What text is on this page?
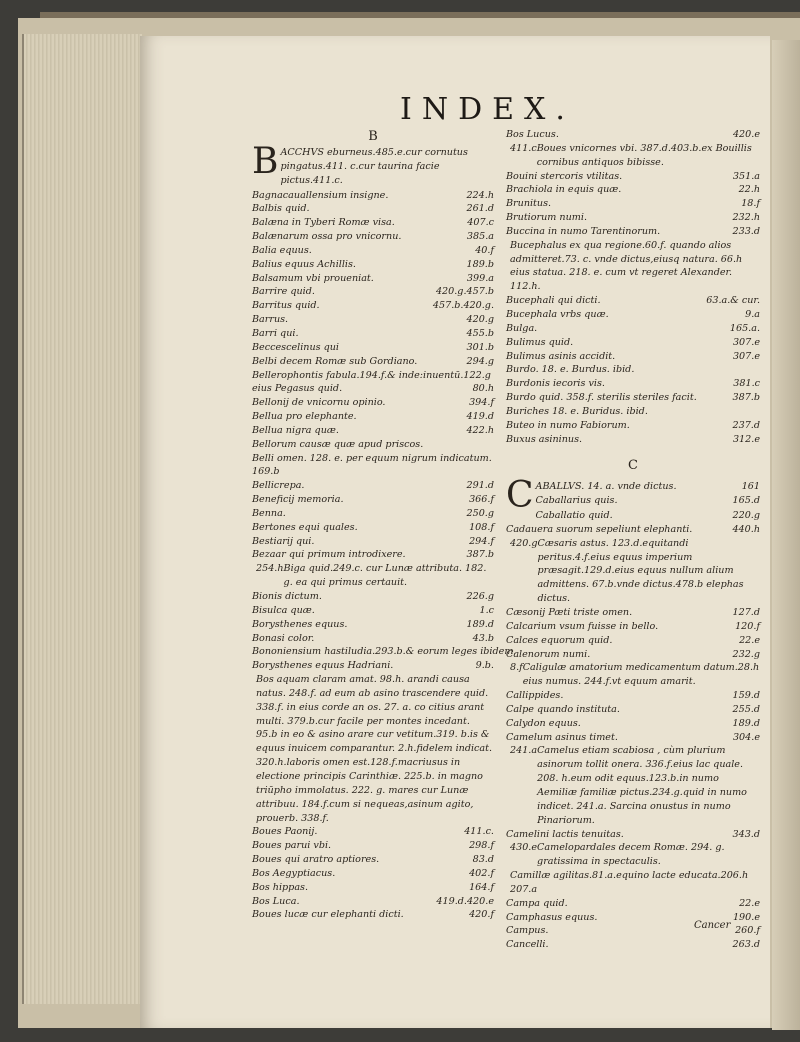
INDEX.
B
B ACCHVS eburneus.485.e.cur cornutus pingatus.411. c.cur taurina facie pictus.411.c.
Bagnacauallensium insigne.	224.h
Balbis quid.	261.d
Balæna in Tyberi Romæ visa.	407.c
Balænarum ossa pro vnicornu.	385.a
Balia equus.	40.f
Balius equus Achillis.	189.b
Balsamum vbi proueniat.	399.a
Barrire quid.	420.g.457.b
Barritus quid.	457.b.420.g.
Barrus.	420.g
Barri qui.	455.b
Beccescelinus qui	301.b
Belbi decem Romæ sub Gordiano.	294.g
Bellerophontis fabula.194.f.& inde:inuentū.122.g
eius Pegasus quid.	80.h
Bellonij de vnicornu opinio.	394.f
Bellua pro elephante.	419.d
Bellua nigra quæ.	422.h
Bellorum causæ quæ apud priscos.
Belli omen. 128. e. per equum nigrum indicatum.
169.b
Bellicrepa.	291.d
Beneficij memoria.	366.f
Benna.	250.g
Bertones equi quales.	108.f
Bestiarij qui.	294.f
Bezaar qui primum introdixere.	387.b
254.h Biga quid.249.c. cur Lunæ attributa. 182. g. ea qui primus certauit.
Bionis dictum.	226.g
Bisulca quæ.	1.c
Borysthenes equus.	189.d
Bonasi color.	43.b
Bononiensium hastiludia.293.b.& eorum leges ibidem.
Borysthenes equus Hadriani.	9.b.
Bos aquam claram amat. 98.h. arandi causa natus. 248.f. ad eum ab asino trascendere quid. 338.f. in eius corde an os. 27. a. co citius arant multi. 379.b.cur facile per montes incedant. 95.b in eo & asino arare cur vetitum.319. b.is & equus inuicem comparantur. 2.h.fidelem indicat. 320.h.laboris omen est.128.f.macriusus in electione principis Carinthiæ. 225.b. in magno triūpho immolatus. 222. g. mares cur Lunæ attribuu. 184.f.cum si nequeas,asinum agito, prouerb. 338.f.
Boues Paonij.	411.c.
Boues parui vbi.	298.f
Boues qui aratro aptiores.	83.d
Bos Aegyptiacus.	402.f
Bos hippas.	164.f
Bos Luca.	419.d.420.e
Boues lucæ cur elephanti dicti.	420.f
Bos Lucus.	420.e
411.c Boues vnicornes vbi. 387.d.403.b.ex Bouillis cornibus antiquos bibisse.
Bouini stercoris vtilitas.	351.a
Brachiola in equis quæ.	22.h
Brunitus.	18.f
Brutiorum numi.	232.h
Buccina in numo Tarentinorum.	233.d
Bucephalus ex qua regione.60.f. quando alios admitteret.73. c. vnde dictus,eiusq natura. 66.h eius statua. 218. e. cum vt regeret Alexander. 112.h.
Bucephali qui dicti.	63.a.& cur.
Bucephala vrbs quæ.	9.a
Bulga.	165.a.
Bulimus quid.	307.e
Bulimus asinis accidit.	307.e
Burdo. 18. e. Burdus. ibid.
Burdonis iecoris vis.	381.c
Burdo quid. 358.f. sterilis steriles facit.	387.b
Buriches 18. e. Buridus. ibid.
Buteo in numo Fabiorum.	237.d
Buxus asininus.	312.e
C
C ABALLVS. 14. a. vnde dictus.	161
Caballarius quis.	165.d
Caballatio quid.	220.g
Cadauera suorum sepeliunt elephanti.	440.h
420.g Cæsaris astus. 123.d.equitandi peritus.4.f.eius equus imperium præsagit.129.d.eius equus nullum alium admittens. 67.b.vnde dictus.478.b elephas dictus.
Cæsonij Pæti triste omen.	127.d
Calcarium vsum fuisse in bello.	120.f
Calces equorum quid.	22.e
Calenorum numi.	232.g
8.f Caligulæ amatorium medicamentum datum.28.h eius numus. 244.f.vt equum amarit.
Callippides.	159.d
Calpe quando instituta.	255.d
Calydon equus.	189.d
Camelum asinus timet.	304.e
241.a Camelus etiam scabiosa , cùm plurium asinorum tollit onera. 336.f.eius lac quale. 208. h.eum odit equus.123.b.in numo Aemiliæ familiæ pictus.234.g.quid in numo indicet. 241.a. Sarcina onustus in numo Pinariorum.
Camelini lactis tenuitas.	343.d
430.e Camelopardales decem Romæ. 294. g. gratissima in spectaculis.
Camillæ agilitas.81.a.equino lacte educata.206.h 207.a
Campa quid.	22.e
Camphasus equus.	190.e
Campus.	260.f
Cancelli.	263.d
Cancer
